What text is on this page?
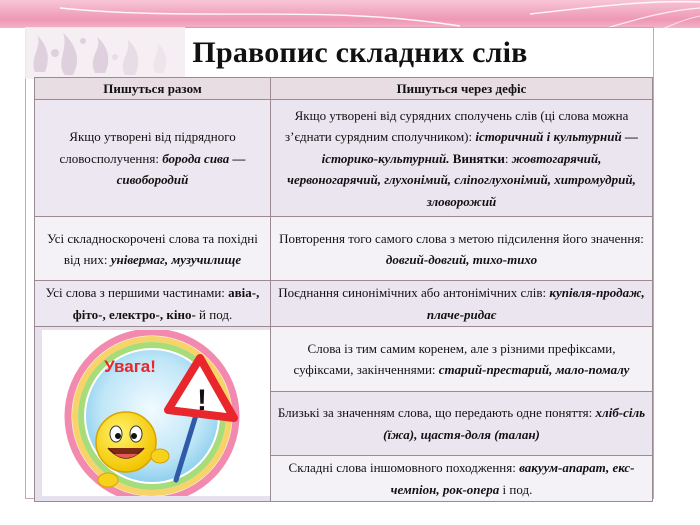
Правопис складних слів
Пишуться разом	Пишуться через дефіс
Якщо утворені від підрядного словосполучення: борода сива — сивобородий	Якщо утворені від сурядних сполучень слів (ці слова можна з’єднати сурядним сполучником): історичний і культурний — історико-культурний. Винятки: жовтогарячий, червоногарячий, глухонімий, сліпоглухонімий, хитромудрий, зловорожий
Усі складноскорочені слова та похідні від них: універмаг, музучилище	Повторення того самого слова з метою підсилення його значення: довгий-довгий, тихо-тихо
Усі слова з першими частинами: авіа-, фіто-, електро-, кіно- й под.	Поєднання синонімічних або антонімічних слів: купівля-продаж, плаче-ридає
	Слова із тим самим коренем, але з різними префіксами, суфіксами, закінченнями: старий-престарий, мало-помалу
	Близькі за значенням слова, що передають одне поняття: хліб-сіль (їжа), щастя-доля (талан)
	Складні слова іншомовного походження: вакуум-апарат, екс-чемпіон, рок-опера і под.
Увага!
!
